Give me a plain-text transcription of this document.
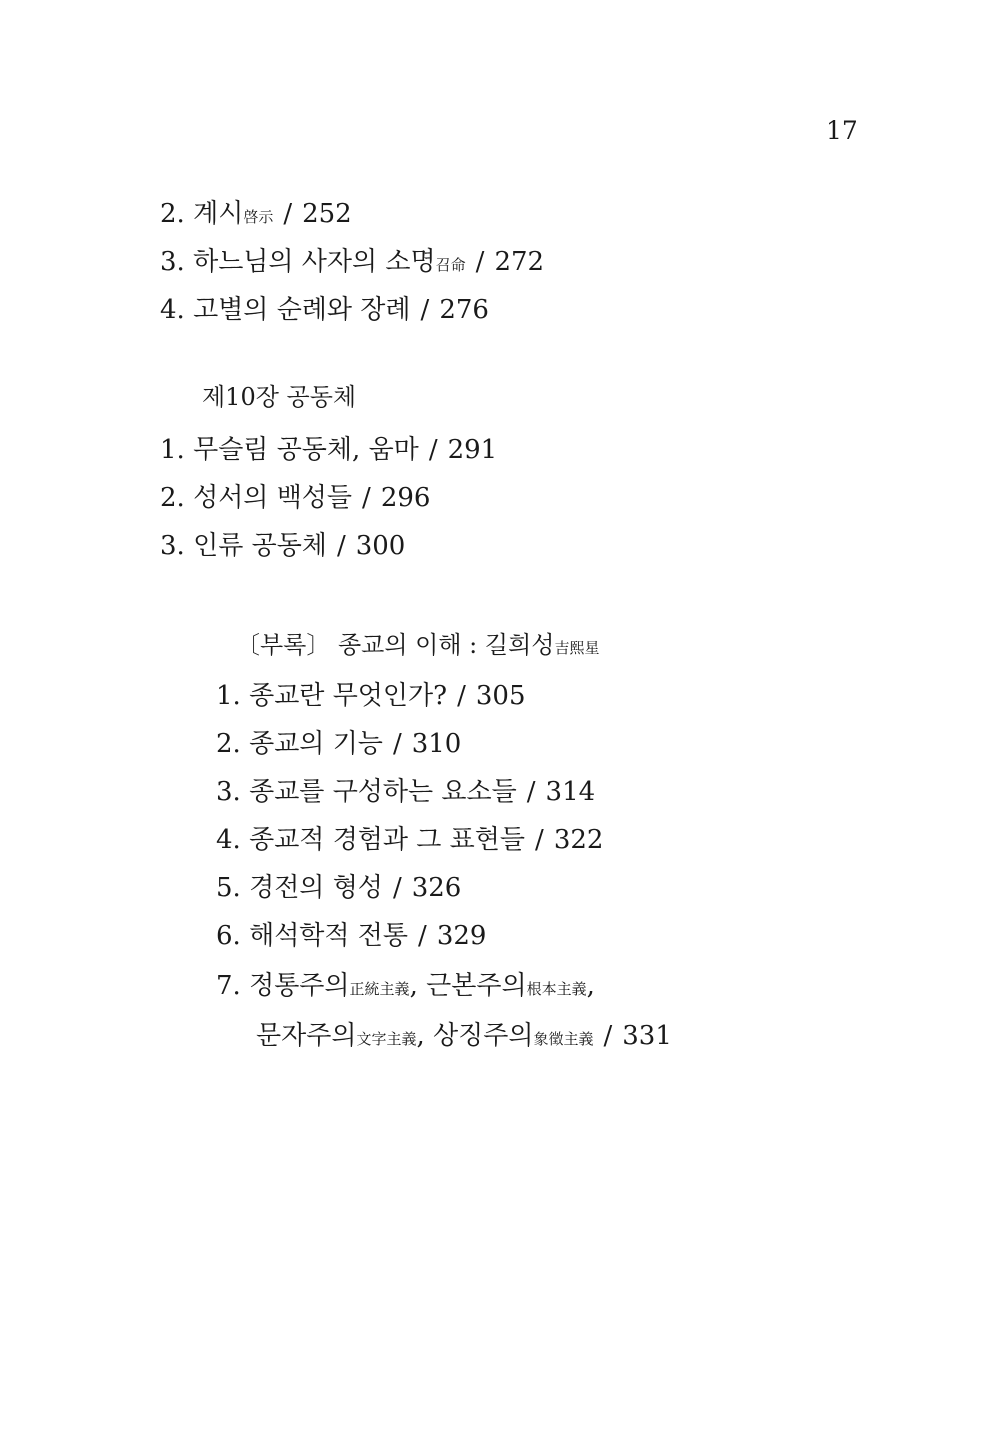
17
2. 계시啓示 / 252
3. 하느님의 사자의 소명召命 / 272
4. 고별의 순례와 장례 / 276
제10장 공동체
1. 무슬림 공동체, 움마 / 291
2. 성서의 백성들 / 296
3. 인류 공동체 / 300
〔부록〕 종교의 이해 : 길희성吉熙星
1. 종교란 무엇인가? / 305
2. 종교의 기능 / 310
3. 종교를 구성하는 요소들 / 314
4. 종교적 경험과 그 표현들 / 322
5. 경전의 형성 / 326
6. 해석학적 전통 / 329
7. 정통주의正統主義, 근본주의根本主義,
문자주의文字主義, 상징주의象徵主義 / 331
